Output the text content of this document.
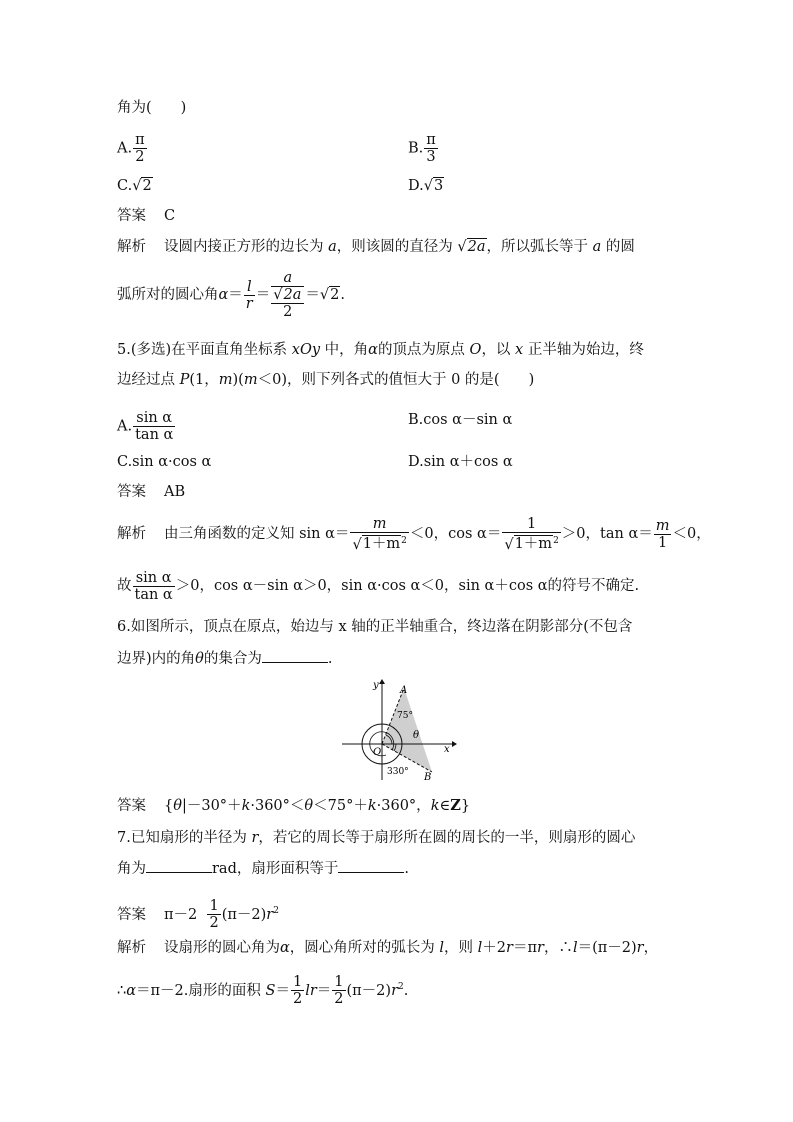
角为(　　)
A. $\frac{\pi}{2}$	B. $\frac{\pi}{3}$
C.√2	D.√3
答案 C
解析 设圆内接正方形的边长为 a，则该圆的直径为 √2a，所以弧长等于 a 的圆
弧所对的圆心角$\alpha= \frac{l}{r}$ ＝
a
√2a
2
＝√2.
5.(多选)在平面直角坐标系 xOy 中，角α的顶点为原点 O，以 x 正半轴为始边，终
边经过点 P(1，m)(m＜0)，则下列各式的值恒大于 0 的是(　　)
A. $\frac{\text{sin α}}{\text{tan α}}$	B.cos α－sin α
C.sin α·cos α	D.sin α＋cos α
答案 AB
解析 由三角函数的定义知 $\sin \alpha= \frac{m}{√1+m^2} <0$，$\cos \alpha= \frac{1}{√1+m^2} >0$，$\tan \alpha= \frac{m}{1} <0$，
故 $\frac{\text{sin α}}{\text{tan α}} >0$，cos α－sin α＞0，sin α·cos α＜0，sin α＋cos α的符号不确定.
6.如图所示，顶点在原点，始边与 x 轴的正半轴重合，终边落在阴影部分(不包含
边界)内的角θ的集合为	.
y
x
O
A
B
75°
θ
330°
答案 {θ|－30°＋k·360°＜θ＜75°＋k·360°，k∈Z}
7.已知扇形的半径为 r，若它的周长等于扇形所在圆的周长的一半，则扇形的圆心
角为	rad，扇形面积等于	.
答案 $\pi-2 \frac{1}{2} (\pi-2)r^2$
解析 设扇形的圆心角为α，圆心角所对的弧长为 l，则 l＋2r＝πr，∴l＝(π－2)r，
∴α＝π－2.扇形的面积 $S= \frac{1}{2} lr= \frac{1}{2} (\pi-2)r^2$.
